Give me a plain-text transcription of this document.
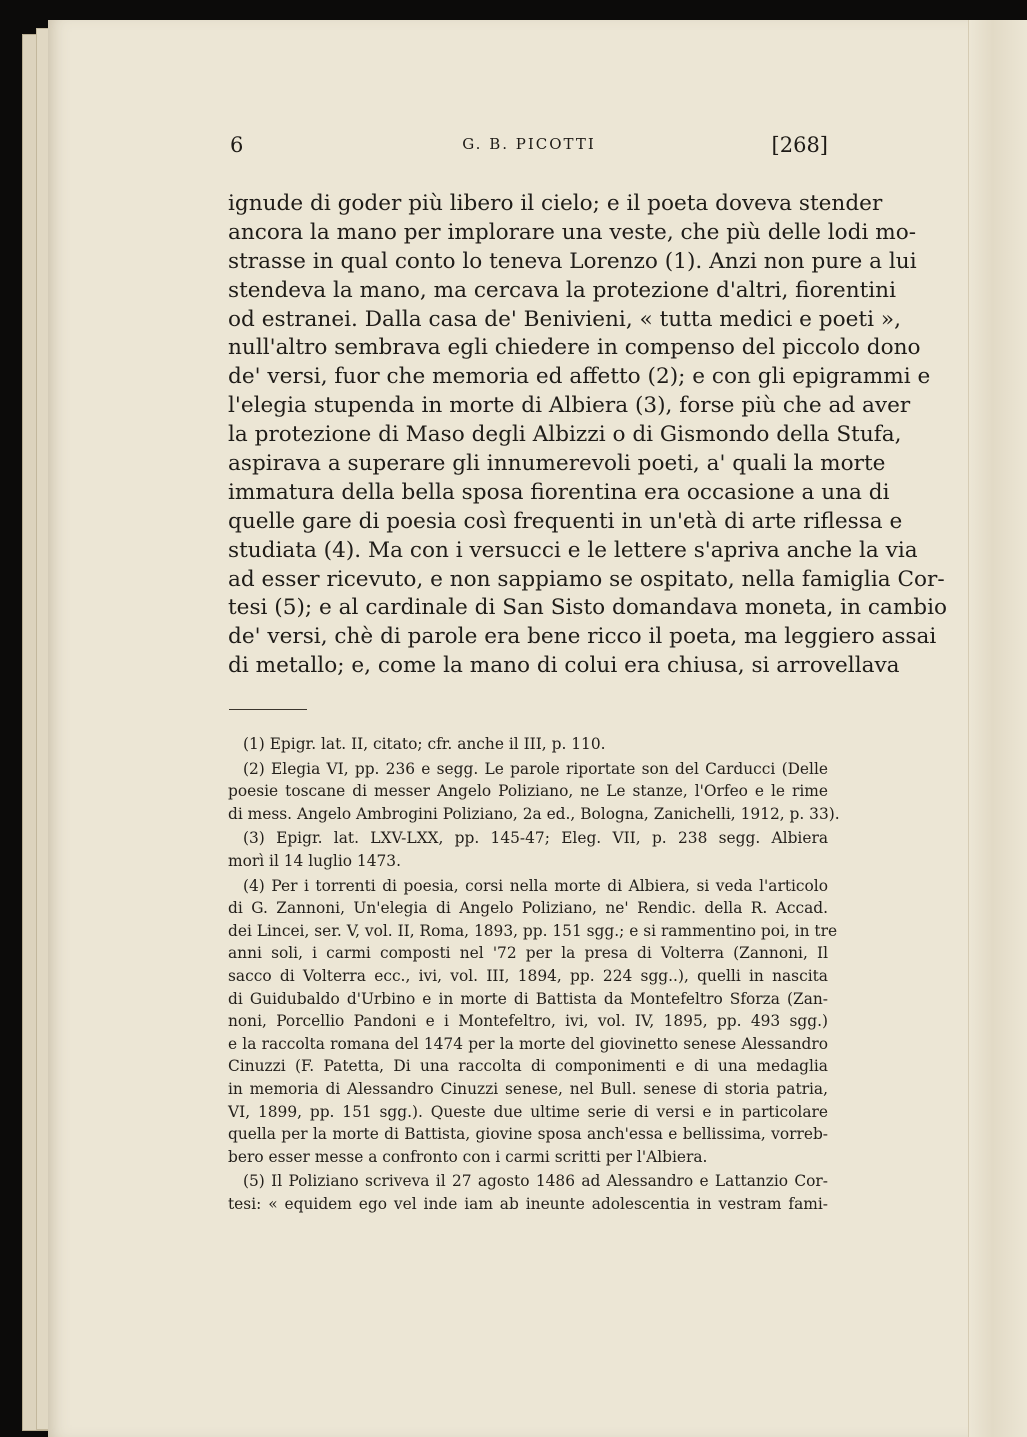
6	G. B. PICOTTI	[268]
ignude di goder più libero il cielo; e il poeta doveva stender
ancora la mano per implorare una veste, che più delle lodi mo-
strasse in qual conto lo teneva Lorenzo (1). Anzi non pure a lui
stendeva la mano, ma cercava la protezione d'altri, fiorentini
od estranei. Dalla casa de' Benivieni, « tutta medici e poeti »,
null'altro sembrava egli chiedere in compenso del piccolo dono
de' versi, fuor che memoria ed affetto (2); e con gli epigrammi e
l'elegia stupenda in morte di Albiera (3), forse più che ad aver
la protezione di Maso degli Albizzi o di Gismondo della Stufa,
aspirava a superare gli innumerevoli poeti, a' quali la morte
immatura della bella sposa fiorentina era occasione a una di
quelle gare di poesia così frequenti in un'età di arte riflessa e
studiata (4). Ma con i versucci e le lettere s'apriva anche la via
ad esser ricevuto, e non sappiamo se ospitato, nella famiglia Cor-
tesi (5); e al cardinale di San Sisto domandava moneta, in cambio
de' versi, chè di parole era bene ricco il poeta, ma leggiero assai
di metallo; e, come la mano di colui era chiusa, si arrovellava
(1) Epigr. lat. II, citato; cfr. anche il III, p. 110.
(2) Elegia VI, pp. 236 e segg. Le parole riportate son del Carducci (Delle
poesie toscane di messer Angelo Poliziano, ne Le stanze, l'Orfeo e le rime
di mess. Angelo Ambrogini Poliziano, 2a ed., Bologna, Zanichelli, 1912, p. 33).
(3) Epigr. lat. LXV-LXX, pp. 145-47; Eleg. VII, p. 238 segg. Albiera
morì il 14 luglio 1473.
(4) Per i torrenti di poesia, corsi nella morte di Albiera, si veda l'articolo
di G. Zannoni, Un'elegia di Angelo Poliziano, ne' Rendic. della R. Accad.
dei Lincei, ser. V, vol. II, Roma, 1893, pp. 151 sgg.; e si rammentino poi, in tre
anni soli, i carmi composti nel '72 per la presa di Volterra (Zannoni, Il
sacco di Volterra ecc., ivi, vol. III, 1894, pp. 224 sgg..), quelli in nascita
di Guidubaldo d'Urbino e in morte di Battista da Montefeltro Sforza (Zan-
noni, Porcellio Pandoni e i Montefeltro, ivi, vol. IV, 1895, pp. 493 sgg.)
e la raccolta romana del 1474 per la morte del giovinetto senese Alessandro
Cinuzzi (F. Patetta, Di una raccolta di componimenti e di una medaglia
in memoria di Alessandro Cinuzzi senese, nel Bull. senese di storia patria,
VI, 1899, pp. 151 sgg.). Queste due ultime serie di versi e in particolare
quella per la morte di Battista, giovine sposa anch'essa e bellissima, vorreb-
bero esser messe a confronto con i carmi scritti per l'Albiera.
(5) Il Poliziano scriveva il 27 agosto 1486 ad Alessandro e Lattanzio Cor-
tesi: « equidem ego vel inde iam ab ineunte adolescentia in vestram fami-
